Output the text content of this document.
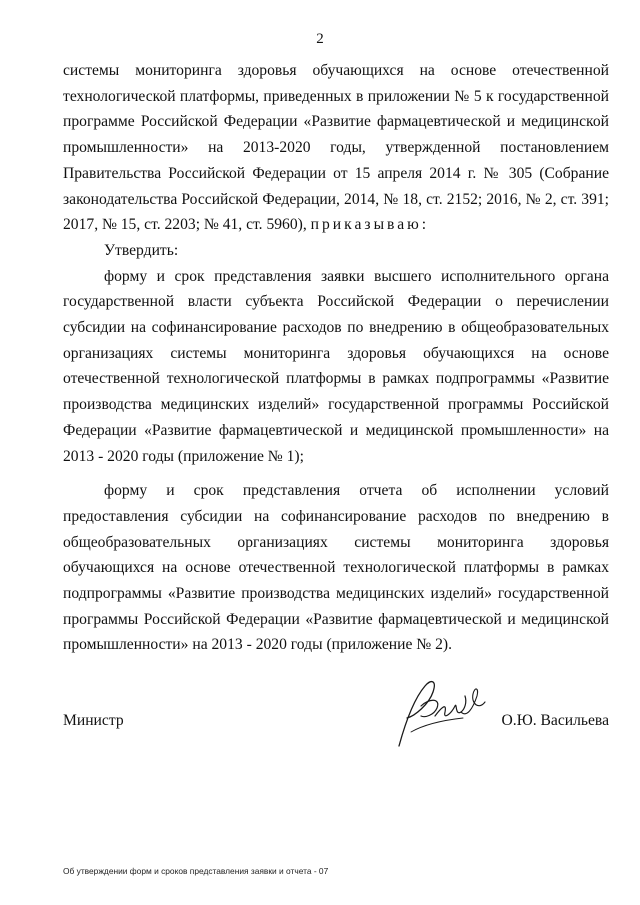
2

системы мониторинга здоровья обучающихся на основе отечественной технологической платформы, приведенных в приложении № 5 к государственной программе Российской Федерации «Развитие фармацевтической и медицинской промышленности» на 2013-2020 годы, утвержденной постановлением Правительства Российской Федерации от 15 апреля 2014 г. № 305 (Собрание законодательства Российской Федерации, 2014, № 18, ст. 2152; 2016, № 2, ст. 391; 2017, № 15, ст. 2203; № 41, ст. 5960), приказываю:

Утвердить:

форму и срок представления заявки высшего исполнительного органа государственной власти субъекта Российской Федерации о перечислении субсидии на софинансирование расходов по внедрению в общеобразовательных организациях системы мониторинга здоровья обучающихся на основе отечественной технологической платформы в рамках подпрограммы «Развитие производства медицинских изделий» государственной программы Российской Федерации «Развитие фармацевтической и медицинской промышленности» на 2013 - 2020 годы (приложение № 1);

форму и срок представления отчета об исполнении условий предоставления субсидии на софинансирование расходов по внедрению в общеобразовательных организациях системы мониторинга здоровья обучающихся на основе отечественной технологической платформы в рамках подпрограммы «Развитие производства медицинских изделий» государственной программы Российской Федерации «Развитие фармацевтической и медицинской промышленности» на 2013 - 2020 годы (приложение № 2).

Министр	О.Ю. Васильева
Об утверждении форм и сроков представления заявки и отчета - 07
